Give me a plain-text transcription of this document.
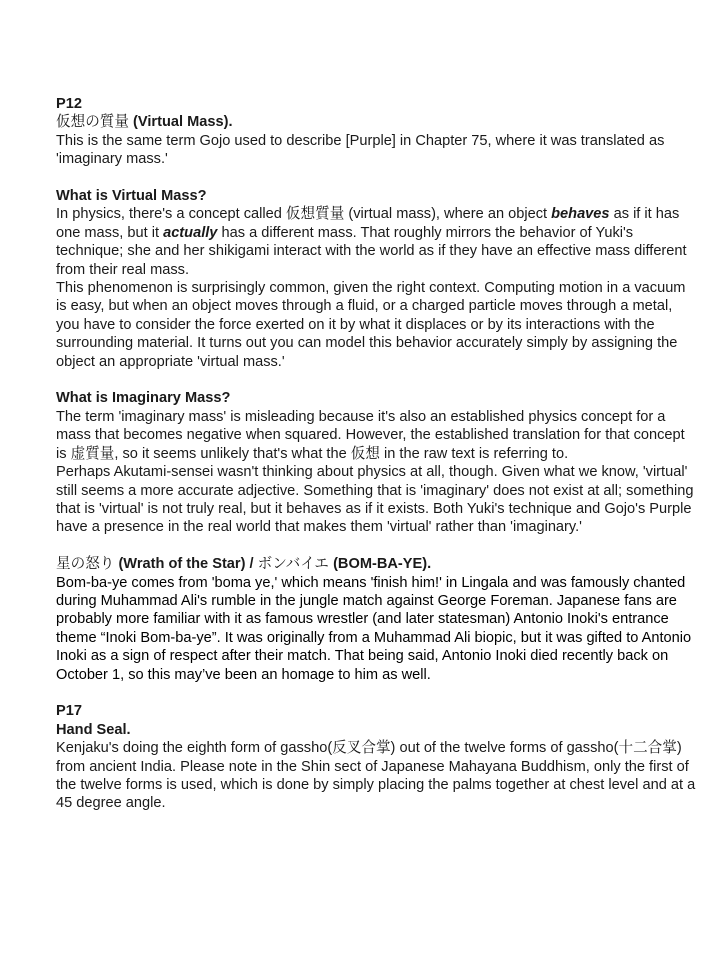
P12

仮想の質量 (Virtual Mass).

This is the same term Gojo used to describe [Purple] in Chapter 75, where it was translated as 'imaginary mass.'

What is Virtual Mass?

In physics, there's a concept called 仮想質量 (virtual mass), where an object behaves as if it has one mass, but it actually has a different mass. That roughly mirrors the behavior of Yuki's technique; she and her shikigami interact with the world as if they have an effective mass different from their real mass.

This phenomenon is surprisingly common, given the right context. Computing motion in a vacuum is easy, but when an object moves through a fluid, or a charged particle moves through a metal, you have to consider the force exerted on it by what it displaces or by its interactions with the surrounding material. It turns out you can model this behavior accurately simply by assigning the object an appropriate 'virtual mass.'

What is Imaginary Mass?

The term 'imaginary mass' is misleading because it's also an established physics concept for a mass that becomes negative when squared. However, the established translation for that concept is 虚質量, so it seems unlikely that's what the 仮想 in the raw text is referring to.

Perhaps Akutami-sensei wasn't thinking about physics at all, though. Given what we know, 'virtual' still seems a more accurate adjective. Something that is 'imaginary' does not exist at all; something that is 'virtual' is not truly real, but it behaves as if it exists. Both Yuki's technique and Gojo's Purple have a presence in the real world that makes them 'virtual' rather than 'imaginary.'

星の怒り (Wrath of the Star) / ボンバイエ (BOM-BA-YE).

Bom-ba-ye comes from 'boma ye,' which means 'finish him!' in Lingala and was famously chanted during Muhammad Ali's rumble in the jungle match against George Foreman. Japanese fans are probably more familiar with it as famous wrestler (and later statesman) Antonio Inoki's entrance theme “Inoki Bom-ba-ye”. It was originally from a Muhammad Ali biopic, but it was gifted to Antonio Inoki as a sign of respect after their match. That being said, Antonio Inoki died recently back on October 1, so this may’ve been an homage to him as well.

P17

Hand Seal.

Kenjaku's doing the eighth form of gassho(反叉合掌) out of the twelve forms of gassho(十二合掌) from ancient India. Please note in the Shin sect of Japanese Mahayana Buddhism, only the first of the twelve forms is used, which is done by simply placing the palms together at chest level and at a 45 degree angle.
